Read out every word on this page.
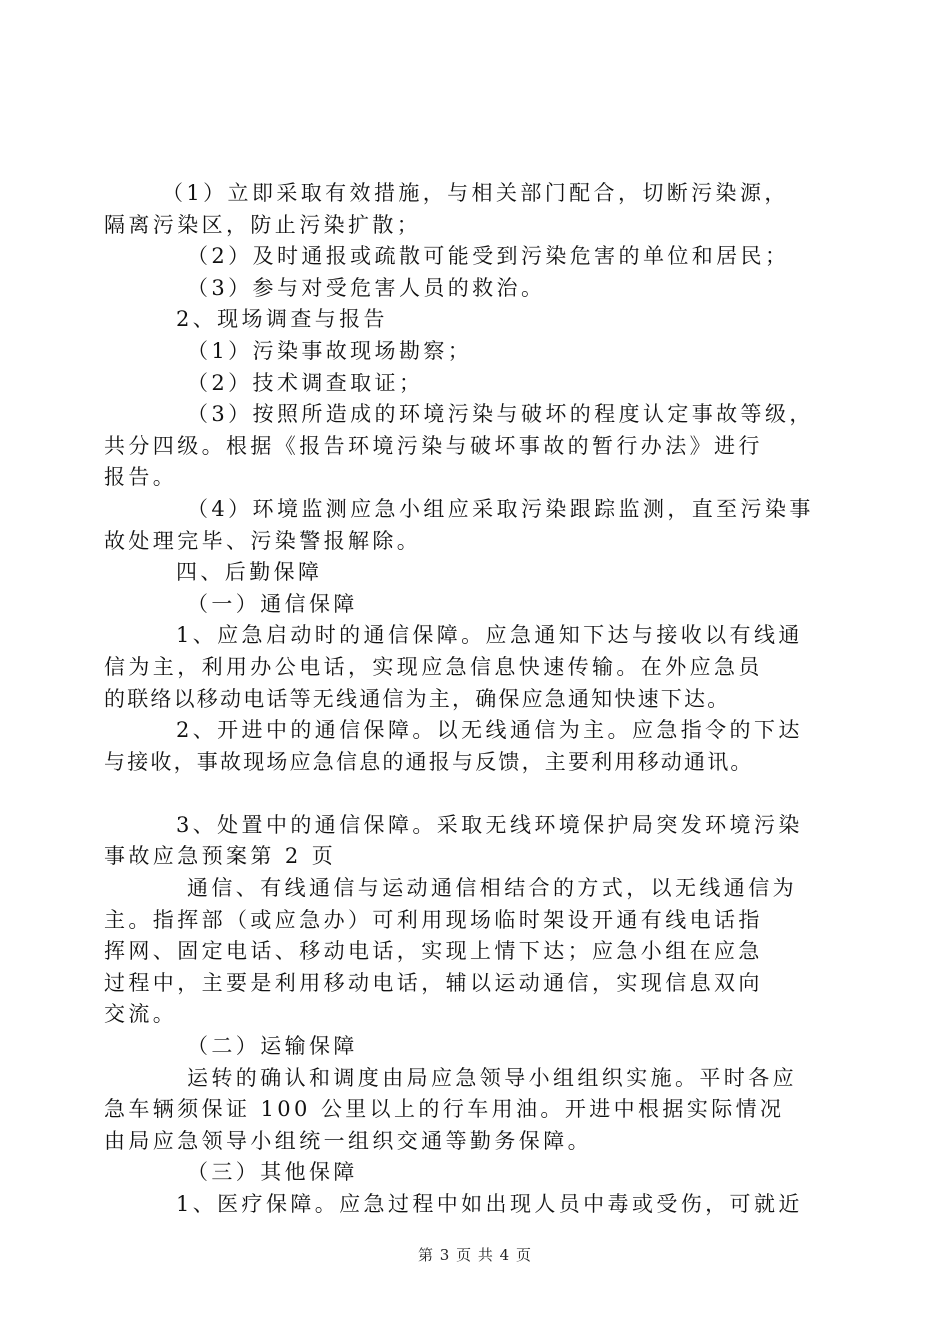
（1）立即采取有效措施，与相关部门配合，切断污染源，
隔离污染区，防止污染扩散；
（2）及时通报或疏散可能受到污染危害的单位和居民；
（3）参与对受危害人员的救治。
2、现场调查与报告
（1）污染事故现场勘察；
（2）技术调查取证；
（3）按照所造成的环境污染与破坏的程度认定事故等级，
共分四级。根据《报告环境污染与破坏事故的暂行办法》进行
报告。
（4）环境监测应急小组应采取污染跟踪监测，直至污染事
故处理完毕、污染警报解除。
四、后勤保障
（一）通信保障
1、应急启动时的通信保障。应急通知下达与接收以有线通
信为主，利用办公电话，实现应急信息快速传输。在外应急员
的联络以移动电话等无线通信为主，确保应急通知快速下达。
2、开进中的通信保障。以无线通信为主。应急指令的下达
与接收，事故现场应急信息的通报与反馈，主要利用移动通讯。
3、处置中的通信保障。采取无线环境保护局突发环境污染
事故应急预案第 2 页
通信、有线通信与运动通信相结合的方式，以无线通信为
主。指挥部（或应急办）可利用现场临时架设开通有线电话指
挥网、固定电话、移动电话，实现上情下达；应急小组在应急
过程中，主要是利用移动电话，辅以运动通信，实现信息双向
交流。
（二）运输保障
运转的确认和调度由局应急领导小组组织实施。平时各应
急车辆须保证 100 公里以上的行车用油。开进中根据实际情况
由局应急领导小组统一组织交通等勤务保障。
（三）其他保障
1、医疗保障。应急过程中如出现人员中毒或受伤，可就近
第 3 页 共 4 页
